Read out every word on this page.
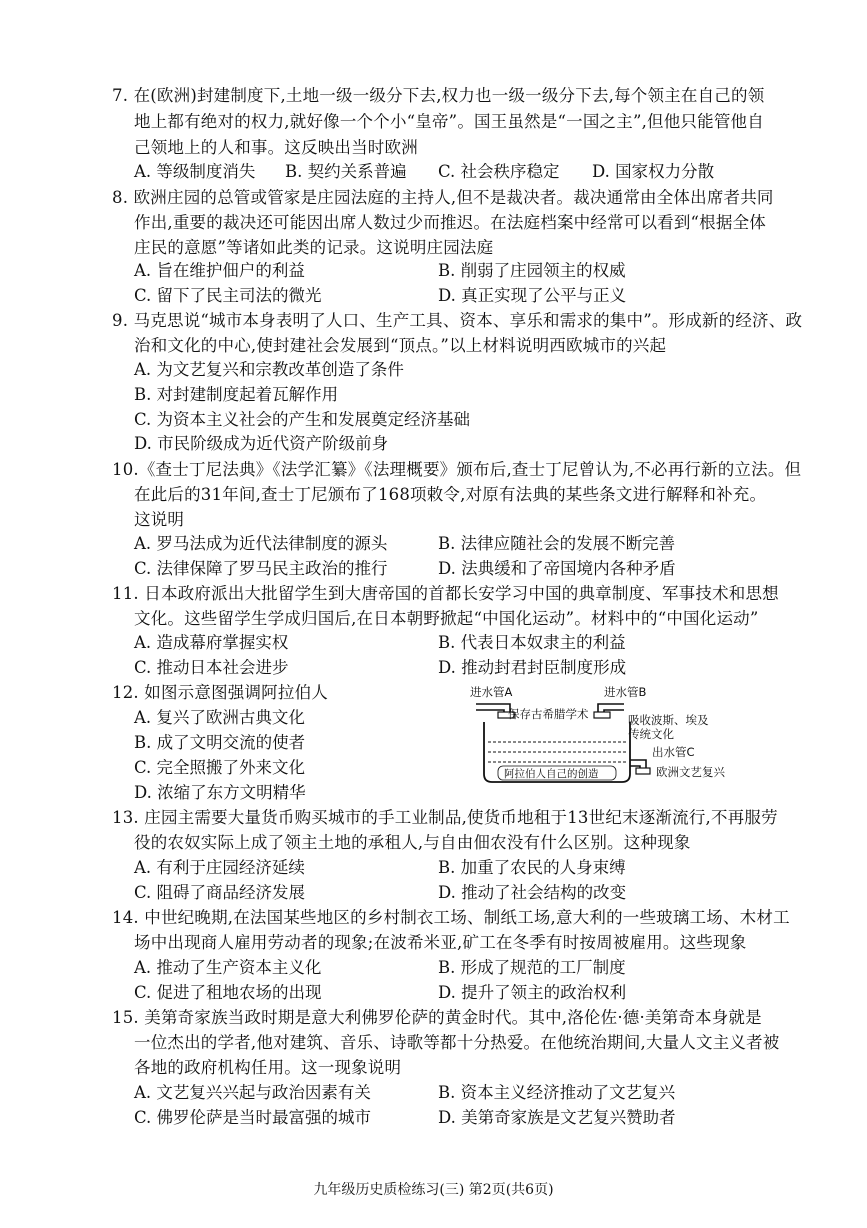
7. 在(欧洲)封建制度下,土地一级一级分下去,权力也一级一级分下去,每个领主在自己的领
地上都有绝对的权力,就好像一个个小“皇帝”。国王虽然是“一国之主”,但他只能管他自
己领地上的人和事。这反映出当时欧洲
A. 等级制度消失 B. 契约关系普遍 C. 社会秩序稳定 D. 国家权力分散
8. 欧洲庄园的总管或管家是庄园法庭的主持人,但不是裁决者。裁决通常由全体出席者共同
作出,重要的裁决还可能因出席人数过少而推迟。在法庭档案中经常可以看到“根据全体
庄民的意愿”等诸如此类的记录。这说明庄园法庭
A. 旨在维护佃户的利益	B. 削弱了庄园领主的权威
C. 留下了民主司法的微光	D. 真正实现了公平与正义
9. 马克思说“城市本身表明了人口、生产工具、资本、享乐和需求的集中”。形成新的经济、政
治和文化的中心,使封建社会发展到“顶点。”以上材料说明西欧城市的兴起
A. 为文艺复兴和宗教改革创造了条件
B. 对封建制度起着瓦解作用
C. 为资本主义社会的产生和发展奠定经济基础
D. 市民阶级成为近代资产阶级前身
10.《查士丁尼法典》《法学汇纂》《法理概要》颁布后,查士丁尼曾认为,不必再行新的立法。但
在此后的31年间,查士丁尼颁布了168项敕令,对原有法典的某些条文进行解释和补充。
这说明
A. 罗马法成为近代法律制度的源头	B. 法律应随社会的发展不断完善
C. 法律保障了罗马民主政治的推行	D. 法典缓和了帝国境内各种矛盾
11. 日本政府派出大批留学生到大唐帝国的首都长安学习中国的典章制度、军事技术和思想
文化。这些留学生学成归国后,在日本朝野掀起“中国化运动”。材料中的“中国化运动”
A. 造成幕府掌握实权	B. 代表日本奴隶主的利益
C. 推动日本社会进步	D. 推动封君封臣制度形成
12. 如图示意图强调阿拉伯人
A. 复兴了欧洲古典文化
B. 成了文明交流的使者
C. 完全照搬了外来文化
D. 浓缩了东方文明精华
进水管A	进水管B
保存古希腊学术	吸收波斯、埃及
传统文化
出水管C
欧洲文艺复兴
阿拉伯人自己的创造
13. 庄园主需要大量货币购买城市的手工业制品,使货币地租于13世纪末逐渐流行,不再服劳
役的农奴实际上成了领主土地的承租人,与自由佃农没有什么区别。这种现象
A. 有利于庄园经济延续	B. 加重了农民的人身束缚
C. 阻碍了商品经济发展	D. 推动了社会结构的改变
14. 中世纪晚期,在法国某些地区的乡村制衣工场、制纸工场,意大利的一些玻璃工场、木材工
场中出现商人雇用劳动者的现象;在波希米亚,矿工在冬季有时按周被雇用。这些现象
A. 推动了生产资本主义化	B. 形成了规范的工厂制度
C. 促进了租地农场的出现	D. 提升了领主的政治权利
15. 美第奇家族当政时期是意大利佛罗伦萨的黄金时代。其中,洛伦佐·德·美第奇本身就是
一位杰出的学者,他对建筑、音乐、诗歌等都十分热爱。在他统治期间,大量人文主义者被
各地的政府机构任用。这一现象说明
A. 文艺复兴兴起与政治因素有关	B. 资本主义经济推动了文艺复兴
C. 佛罗伦萨是当时最富强的城市	D. 美第奇家族是文艺复兴赞助者
九年级历史质检练习(三) 第2页(共6页)
